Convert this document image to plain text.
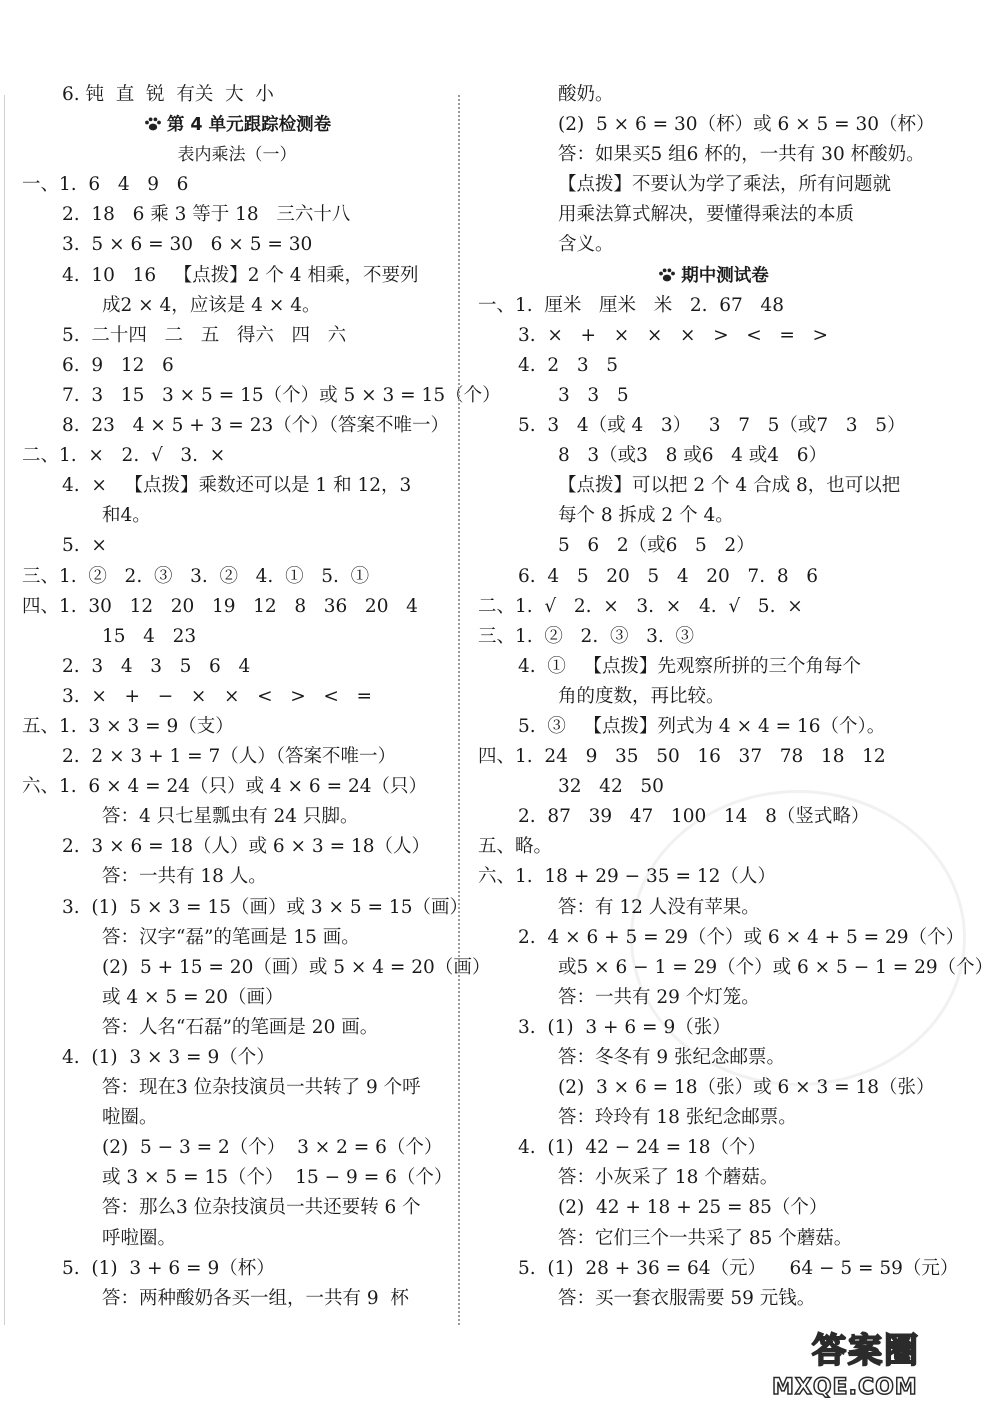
6. 钝  直  锐  有关  大  小
第 4 单元跟踪检测卷
表内乘法（一）
一、1.  6   4   9   6
2.  18   6 乘 3 等于 18   三六十八
3.  5 × 6 = 30   6 × 5 = 30
4.  10   16   【点拨】2 个 4 相乘，不要列
成2 × 4，应该是 4 × 4。
5.  二十四   二   五   得六   四   六
6.  9   12   6
7.  3   15   3 × 5 = 15（个）或 5 × 3 = 15（个）
8.  23   4 × 5 + 3 = 23（个）（答案不唯一）
二、1.  ×   2.  √   3.  ×
4.  ×   【点拨】乘数还可以是 1 和 12，3
和4。
5.  ×
三、1.  ②   2.  ③   3.  ②   4.  ①   5.  ①
四、1.  30   12   20   19   12   8   36   20   4
15   4   23
2.  3   4   3   5   6   4
3.  ×   +   −   ×   ×   <   >   <   =
五、1.  3 × 3 = 9（支）
2.  2 × 3 + 1 = 7（人）（答案不唯一）
六、1.  6 × 4 = 24（只）或 4 × 6 = 24（只）
答：4 只七星瓢虫有 24 只脚。
2.  3 × 6 = 18（人）或 6 × 3 = 18（人）
答：一共有 18 人。
3.  (1)  5 × 3 = 15（画）或 3 × 5 = 15（画）
答：汉字“磊”的笔画是 15 画。
(2)  5 + 15 = 20（画）或 5 × 4 = 20（画）
或 4 × 5 = 20（画）
答：人名“石磊”的笔画是 20 画。
4.  (1)  3 × 3 = 9（个）
答：现在3 位杂技演员一共转了 9 个呼
啦圈。
(2)  5 − 3 = 2（个）  3 × 2 = 6（个）
或 3 × 5 = 15（个）  15 − 9 = 6（个）
答：那么3 位杂技演员一共还要转 6 个
呼啦圈。
5.  (1)  3 + 6 = 9（杯）
答：两种酸奶各买一组，一共有 9  杯
酸奶。
(2)  5 × 6 = 30（杯）或 6 × 5 = 30（杯）
答：如果买5 组6 杯的，一共有 30 杯酸奶。
【点拨】不要认为学了乘法，所有问题就
用乘法算式解决，要懂得乘法的本质
含义。
期中测试卷
一、1.  厘米   厘米   米   2.  67   48
3.  ×   +   ×   ×   ×   >   <   =   >
4.  2   3   5
3   3   5
5.  3   4（或 4   3）   3   7   5（或7   3   5）
8   3（或3   8 或6   4 或4   6）
【点拨】可以把 2 个 4 合成 8，也可以把
每个 8 拆成 2 个 4。
5   6   2（或6   5   2）
6.  4   5   20   5   4   20   7.  8   6
二、1.  √   2.  ×   3.  ×   4.  √   5.  ×
三、1.  ②   2.  ③   3.  ③
4.  ①   【点拨】先观察所拼的三个角每个
角的度数，再比较。
5.  ③   【点拨】列式为 4 × 4 = 16（个）。
四、1.  24   9   35   50   16   37   78   18   12
32   42   50
2.  87   39   47   100   14   8（竖式略）
五、略。
六、1.  18 + 29 − 35 = 12（人）
答：有 12 人没有苹果。
2.  4 × 6 + 5 = 29（个）或 6 × 4 + 5 = 29（个）
或5 × 6 − 1 = 29（个）或 6 × 5 − 1 = 29（个）
答：一共有 29 个灯笼。
3.  (1)  3 + 6 = 9（张）
答：冬冬有 9 张纪念邮票。
(2)  3 × 6 = 18（张）或 6 × 3 = 18（张）
答：玲玲有 18 张纪念邮票。
4.  (1)  42 − 24 = 18（个）
答：小灰采了 18 个蘑菇。
(2)  42 + 18 + 25 = 85（个）
答：它们三个一共采了 85 个蘑菇。
5.  (1)  28 + 36 = 64（元）    64 − 5 = 59（元）
答：买一套衣服需要 59 元钱。
答案圈
MXQE.COM
